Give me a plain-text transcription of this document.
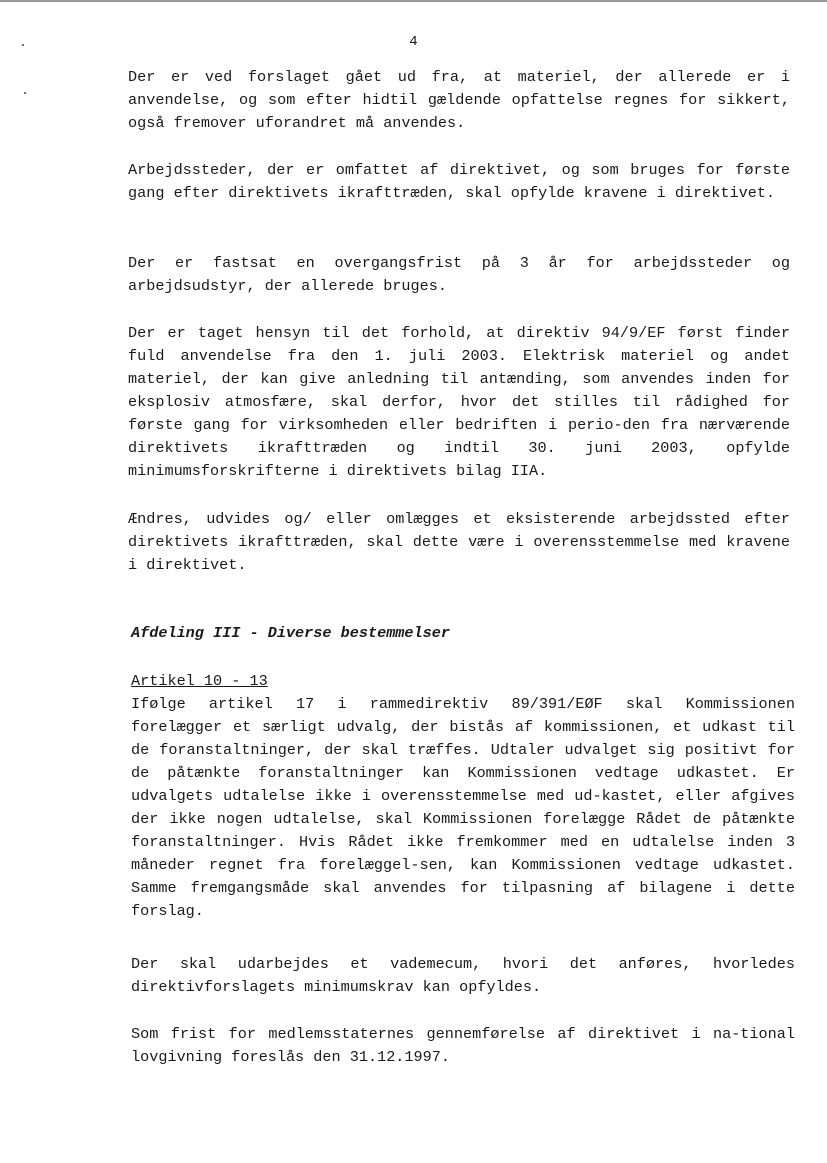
4

Der er ved forslaget gået ud fra, at materiel, der allerede er i anvendelse, og som efter hidtil gældende opfattelse regnes for sikkert, også fremover uforandret må anvendes.

Arbejdssteder, der er omfattet af direktivet, og som bruges for første gang efter direktivets ikrafttræden, skal opfylde kravene i direktivet.

Der er fastsat en overgangsfrist på 3 år for arbejdssteder og arbejdsudstyr, der allerede bruges.

Der er taget hensyn til det forhold, at direktiv 94/9/EF først finder fuld anvendelse fra den 1. juli 2003. Elektrisk materiel og andet materiel, der kan give anledning til antænding, som anvendes inden for eksplosiv atmosfære, skal derfor, hvor det stilles til rådighed for første gang for virksomheden eller bedriften i perio-den fra nærværende direktivets ikrafttræden og indtil 30. juni 2003, opfylde minimumsforskrifterne i direktivets bilag IIA.

Ændres, udvides og/ eller omlægges et eksisterende arbejdssted efter direktivets ikrafttræden, skal dette være i overensstemmelse med kravene i direktivet.

Afdeling III - Diverse bestemmelser

Artikel 10 - 13

Ifølge artikel 17 i rammedirektiv 89/391/EØF skal Kommissionen forelægger et særligt udvalg, der bistås af kommissionen, et udkast til de foranstaltninger, der skal træffes. Udtaler udvalget sig positivt for de påtænkte foranstaltninger kan Kommissionen vedtage udkastet. Er udvalgets udtalelse ikke i overensstemmelse med ud-kastet, eller afgives der ikke nogen udtalelse, skal Kommissionen forelægge Rådet de påtænkte foranstaltninger. Hvis Rådet ikke fremkommer med en udtalelse inden 3 måneder regnet fra forelæggel-sen, kan Kommissionen vedtage udkastet. Samme fremgangsmåde skal anvendes for tilpasning af bilagene i dette forslag.

Der skal udarbejdes et vademecum, hvori det anføres, hvorledes direktivforslagets minimumskrav kan opfyldes.

Som frist for medlemsstaternes gennemførelse af direktivet i na-tional lovgivning foreslås den 31.12.1997.
